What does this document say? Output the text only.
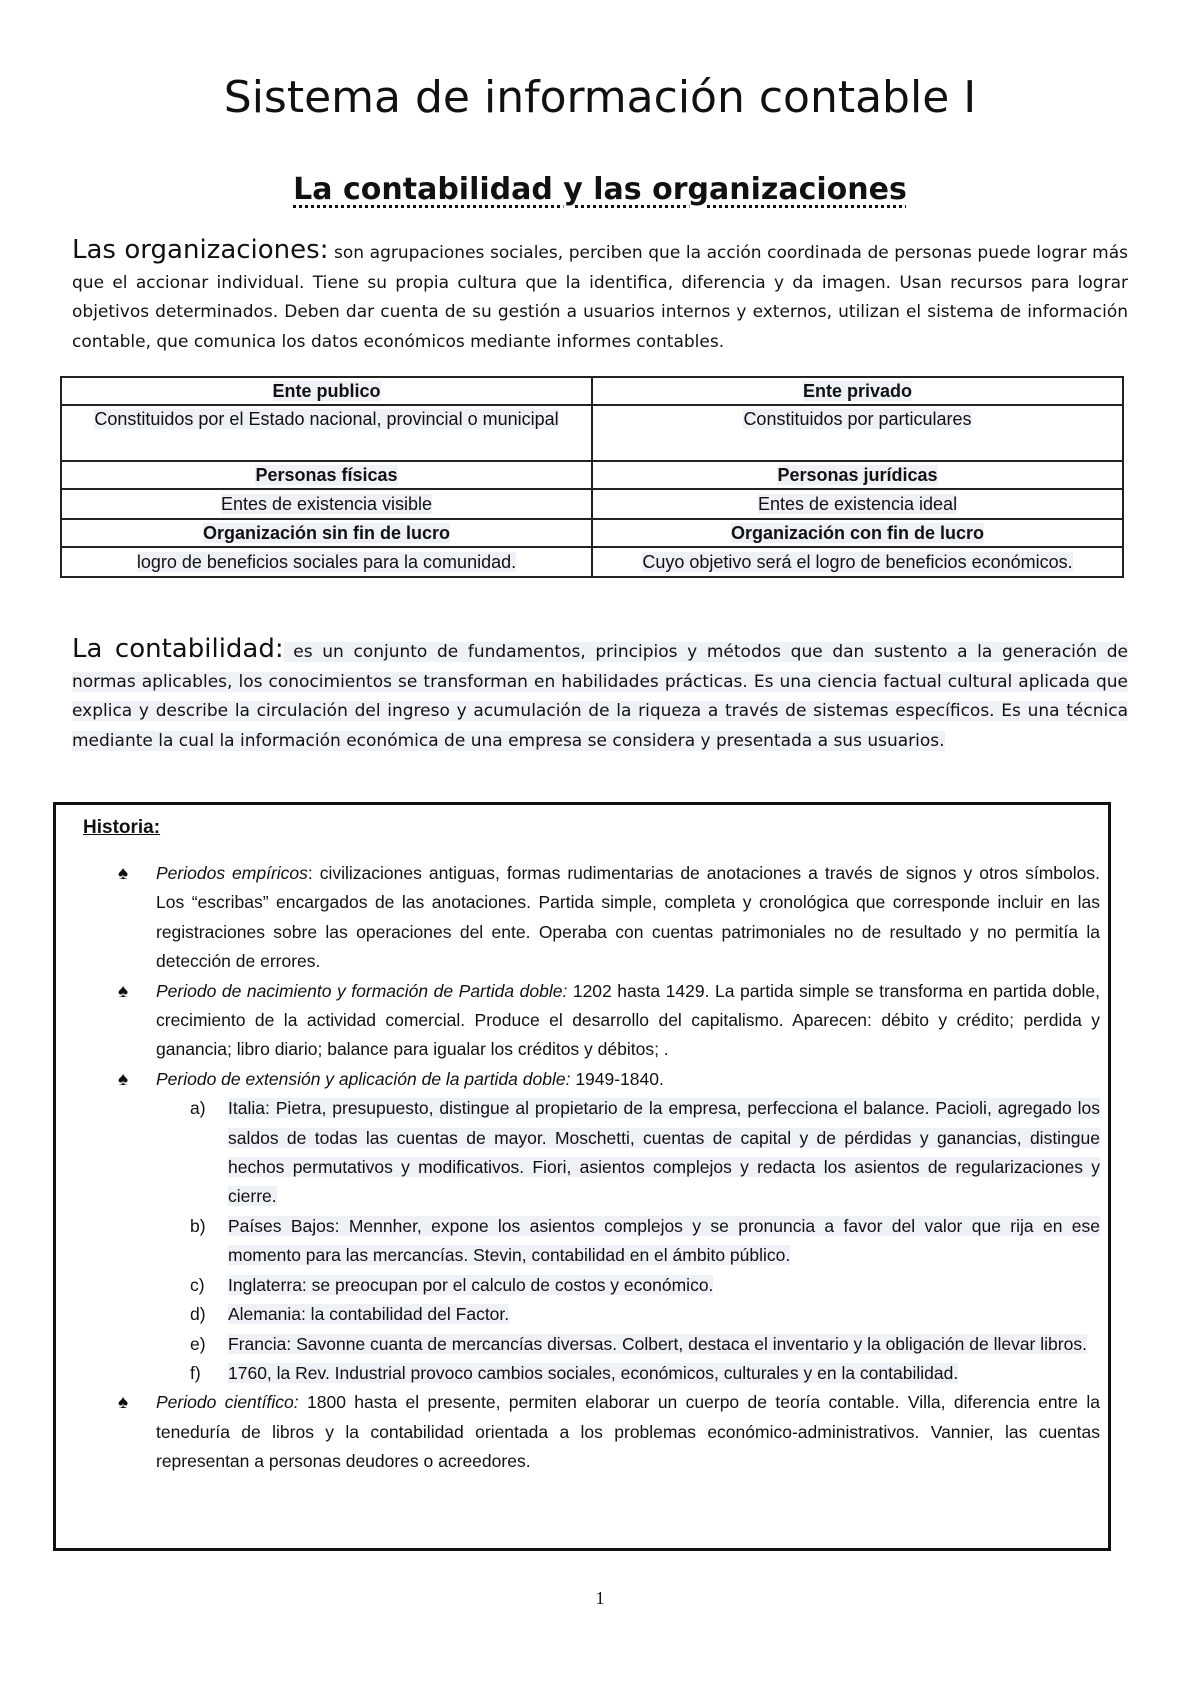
Sistema de información contable I
La contabilidad y las organizaciones

Las organizaciones: son agrupaciones sociales, perciben que la acción coordinada de personas puede lograr más que el accionar individual. Tiene su propia cultura que la identifica, diferencia y da imagen. Usan recursos para lograr objetivos determinados. Deben dar cuenta de su gestión a usuarios internos y externos, utilizan el sistema de información contable, que comunica los datos económicos mediante informes contables.

Ente publico	Ente privado
Constituidos por el Estado nacional, provincial o municipal	Constituidos por particulares
Personas físicas	Personas jurídicas
Entes de existencia visible	Entes de existencia ideal
Organización sin fin de lucro	Organización con fin de lucro
logro de beneficios sociales para la comunidad.	Cuyo objetivo será el logro de beneficios económicos.

La contabilidad: es un conjunto de fundamentos, principios y métodos que dan sustento a la generación de normas aplicables, los conocimientos se transforman en habilidades prácticas. Es una ciencia factual cultural aplicada que explica y describe la circulación del ingreso y acumulación de la riqueza a través de sistemas específicos. Es una técnica mediante la cual la información económica de una empresa se considera y presentada a sus usuarios.

Historia:
♠ Periodos empíricos: civilizaciones antiguas, formas rudimentarias de anotaciones a través de signos y otros símbolos. Los “escribas” encargados de las anotaciones. Partida simple, completa y cronológica que corresponde incluir en las registraciones sobre las operaciones del ente. Operaba con cuentas patrimoniales no de resultado y no permitía la detección de errores.
♠ Periodo de nacimiento y formación de Partida doble: 1202 hasta 1429. La partida simple se transforma en partida doble, crecimiento de la actividad comercial. Produce el desarrollo del capitalismo. Aparecen: débito y crédito; perdida y ganancia; libro diario; balance para igualar los créditos y débitos; .
♠ Periodo de extensión y aplicación de la partida doble: 1949-1840.
a) Italia: Pietra, presupuesto, distingue al propietario de la empresa, perfecciona el balance. Pacioli, agregado los saldos de todas las cuentas de mayor. Moschetti, cuentas de capital y de pérdidas y ganancias, distingue hechos permutativos y modificativos. Fiori, asientos complejos y redacta los asientos de regularizaciones y cierre.
b) Países Bajos: Mennher, expone los asientos complejos y se pronuncia a favor del valor que rija en ese momento para las mercancías. Stevin, contabilidad en el ámbito público.
c) Inglaterra: se preocupan por el calculo de costos y económico.
d) Alemania: la contabilidad del Factor.
e) Francia: Savonne cuanta de mercancías diversas. Colbert, destaca el inventario y la obligación de llevar libros.
f) 1760, la Rev. Industrial provoco cambios sociales, económicos, culturales y en la contabilidad.
♠ Periodo científico: 1800 hasta el presente, permiten elaborar un cuerpo de teoría contable. Villa, diferencia entre la teneduría de libros y la contabilidad orientada a los problemas económico-administrativos. Vannier, las cuentas representan a personas deudores o acreedores.
1
